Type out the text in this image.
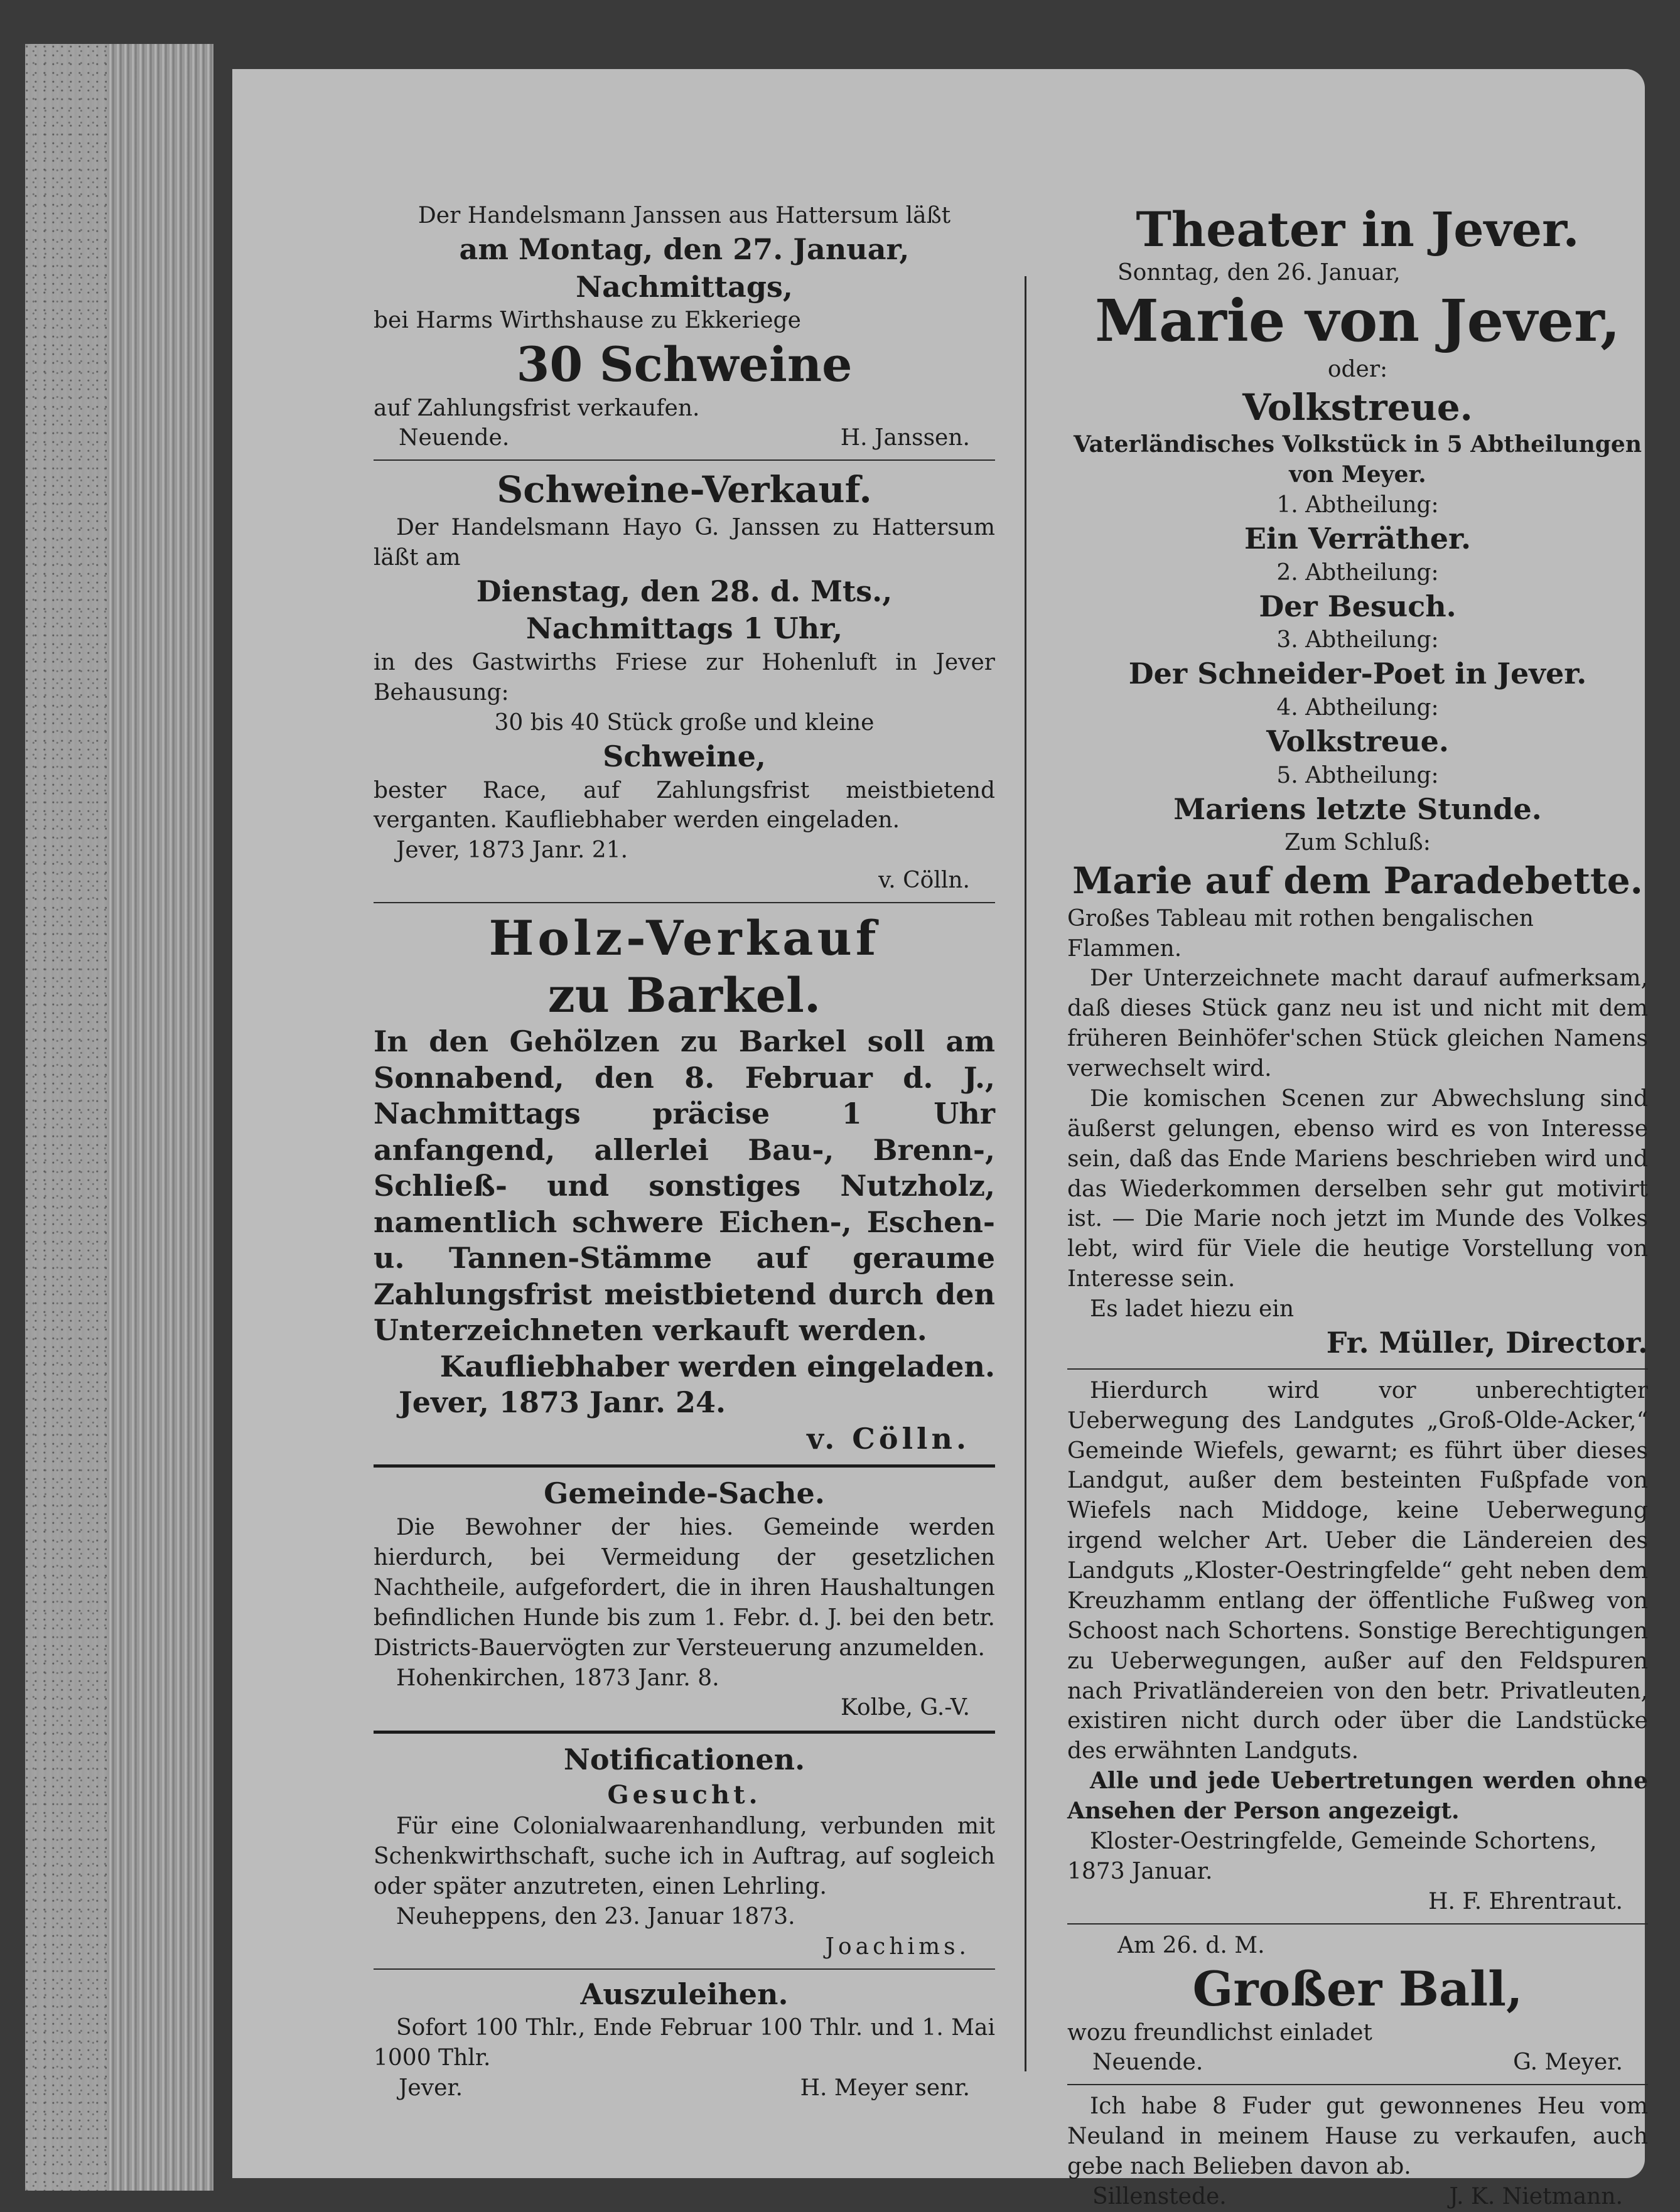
Der Handelsmann Janssen aus Hattersum läßt

am Montag, den 27. Januar,

Nachmittags,

bei Harms Wirthshause zu Ekkeriege

30 Schweine

auf Zahlungsfrist verkaufen.

Neuende.	H. Janssen.

Schweine-Verkauf.

Der Handelsmann Hayo G. Janssen zu Hattersum läßt am

Dienstag, den 28. d. Mts.,

Nachmittags 1 Uhr,

in des Gastwirths Friese zur Hohenluft in Jever Behausung:

30 bis 40 Stück große und kleine

Schweine,

bester Race, auf Zahlungsfrist meistbietend verganten. Kaufliebhaber werden eingeladen.

Jever, 1873 Janr. 21.

v. Cölln.

Holz-Verkauf

zu Barkel.

In den Gehölzen zu Barkel soll am Sonnabend, den 8. Februar d. J., Nachmittags präcise 1 Uhr anfangend, allerlei Bau-, Brenn-, Schließ- und sonstiges Nutzholz, namentlich schwere Eichen-, Eschen- u. Tannen-Stämme auf geraume Zahlungsfrist meistbietend durch den Unterzeichneten verkauft werden.

Kaufliebhaber werden eingeladen.

Jever, 1873 Janr. 24.

v. Cölln.

Gemeinde-Sache.

Die Bewohner der hies. Gemeinde werden hierdurch, bei Vermeidung der gesetzlichen Nachtheile, aufgefordert, die in ihren Haushaltungen befindlichen Hunde bis zum 1. Febr. d. J. bei den betr. Districts-Bauervögten zur Versteuerung anzumelden.

Hohenkirchen, 1873 Janr. 8.

Kolbe, G.-V.

Notificationen.

Gesucht.

Für eine Colonialwaarenhandlung, verbunden mit Schenkwirthschaft, suche ich in Auftrag, auf sogleich oder später anzutreten, einen Lehrling.

Neuheppens, den 23. Januar 1873.

Joachims.

Auszuleihen.

Sofort 100 Thlr., Ende Februar 100 Thlr. und 1. Mai 1000 Thlr.

Jever.	H. Meyer senr.

Theater in Jever.

Sonntag, den 26. Januar,

Marie von Jever,

oder:

Volkstreue.

Vaterländisches Volkstück in 5 Abtheilungen von Meyer.

1. Abtheilung:

Ein Verräther.

2. Abtheilung:

Der Besuch.

3. Abtheilung:

Der Schneider-Poet in Jever.

4. Abtheilung:

Volkstreue.

5. Abtheilung:

Mariens letzte Stunde.

Zum Schluß:

Marie auf dem Paradebette.

Großes Tableau mit rothen bengalischen Flammen.

Der Unterzeichnete macht darauf aufmerksam, daß dieses Stück ganz neu ist und nicht mit dem früheren Beinhöfer'schen Stück gleichen Namens verwechselt wird.

Die komischen Scenen zur Abwechslung sind äußerst gelungen, ebenso wird es von Interesse sein, daß das Ende Mariens beschrieben wird und das Wiederkommen derselben sehr gut motivirt ist. — Die Marie noch jetzt im Munde des Volkes lebt, wird für Viele die heutige Vorstellung von Interesse sein.

Es ladet hiezu ein

Fr. Müller, Director.

Hierdurch wird vor unberechtigter Ueberwegung des Landgutes „Groß-Olde-Acker,“ Gemeinde Wiefels, gewarnt; es führt über dieses Landgut, außer dem besteinten Fußpfade von Wiefels nach Middoge, keine Ueberwegung irgend welcher Art. Ueber die Ländereien des Landguts „Kloster-Oestringfelde“ geht neben dem Kreuzhamm entlang der öffentliche Fußweg von Schoost nach Schortens. Sonstige Berechtigungen zu Ueberwegungen, außer auf den Feldspuren nach Privatländereien von den betr. Privatleuten, existiren nicht durch oder über die Landstücke des erwähnten Landguts.

Alle und jede Uebertretungen werden ohne Ansehen der Person angezeigt.

Kloster-Oestringfelde, Gemeinde Schortens, 1873 Januar.

H. F. Ehrentraut.

Am 26. d. M.

Großer Ball,

wozu freundlichst einladet

Neuende.	G. Meyer.

Ich habe 8 Fuder gut gewonnenes Heu vom Neuland in meinem Hause zu verkaufen, auch gebe nach Belieben davon ab.

Sillenstede.	J. K. Nietmann.
